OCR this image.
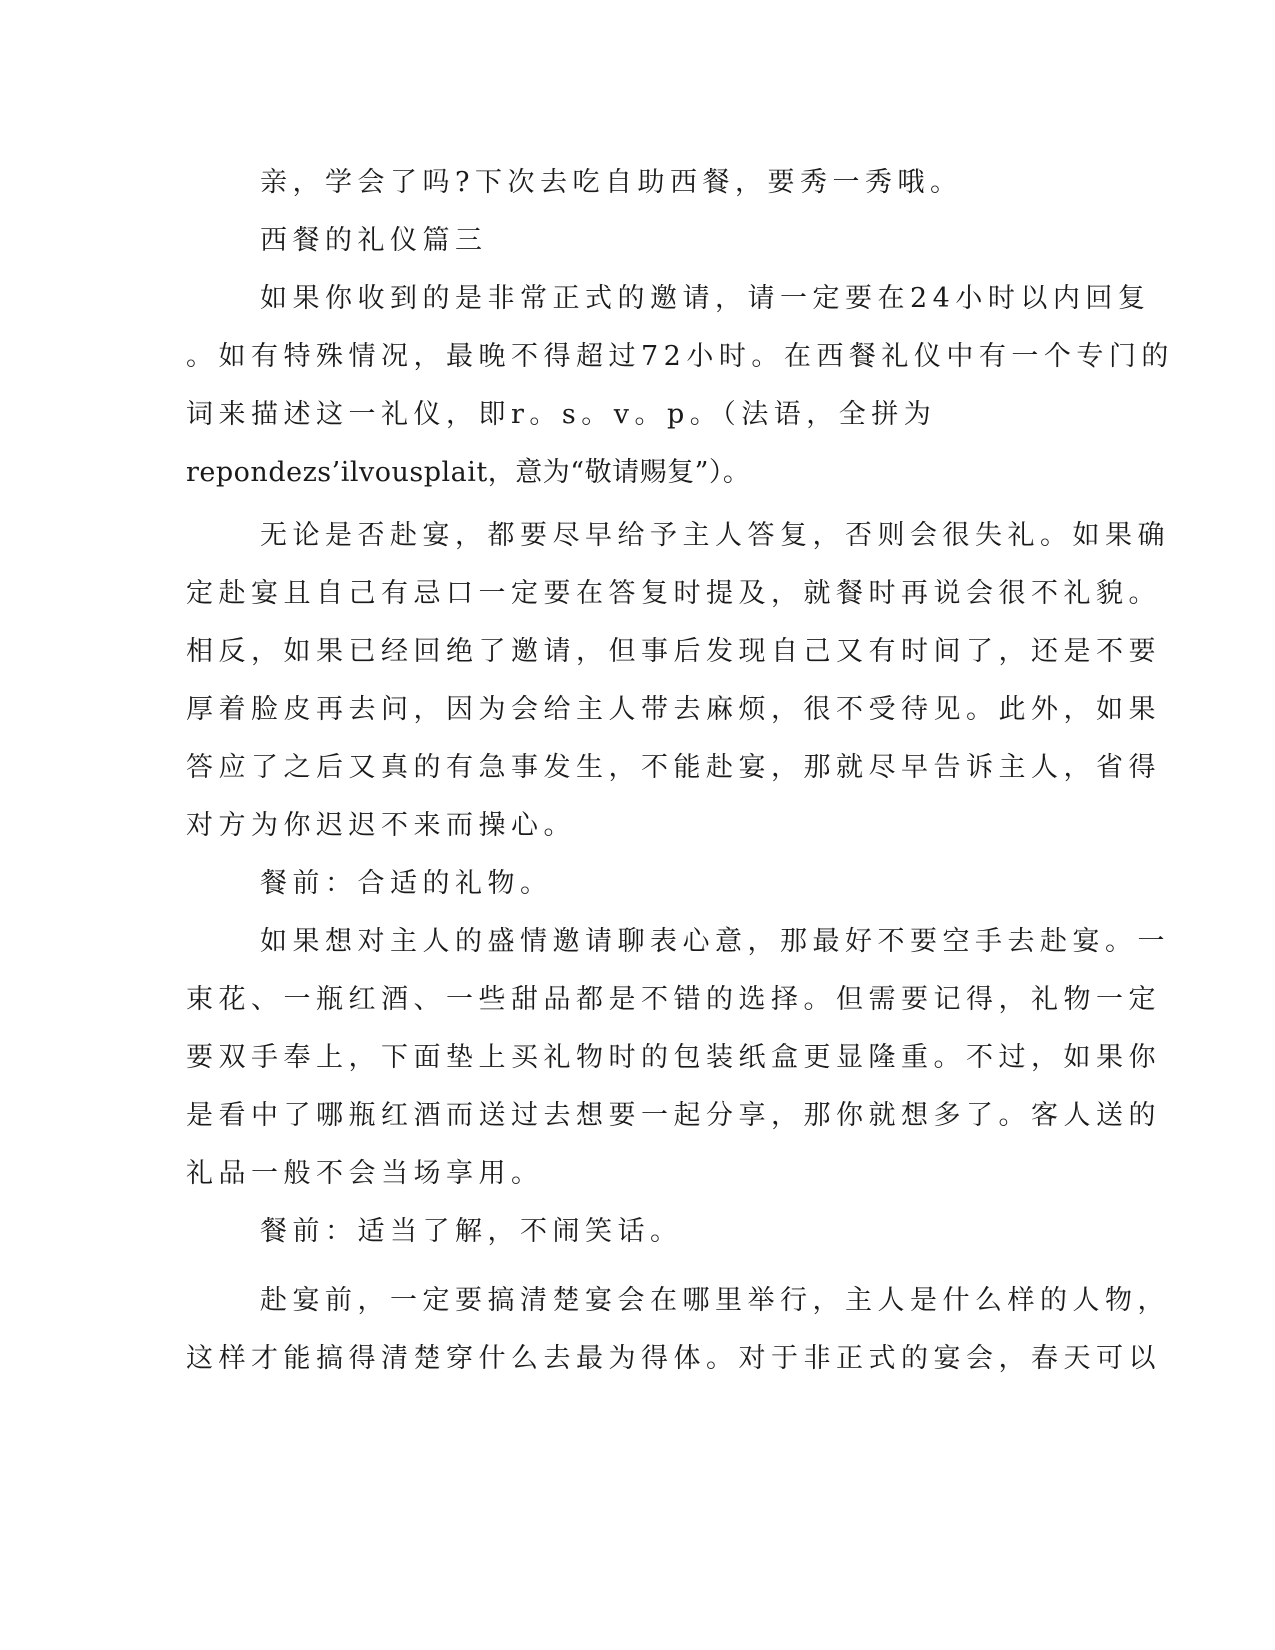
亲，学会了吗?下次去吃自助西餐，要秀一秀哦。

西餐的礼仪篇三

如果你收到的是非常正式的邀请，请一定要在24小时以内回复

。如有特殊情况，最晚不得超过72小时。在西餐礼仪中有一个专门的

词来描述这一礼仪，即r。s。v。p。（法语，全拼为

repondezs’ilvousplait，意为“敬请赐复”）。

无论是否赴宴，都要尽早给予主人答复，否则会很失礼。如果确

定赴宴且自己有忌口一定要在答复时提及，就餐时再说会很不礼貌。

相反，如果已经回绝了邀请，但事后发现自己又有时间了，还是不要

厚着脸皮再去问，因为会给主人带去麻烦，很不受待见。此外，如果

答应了之后又真的有急事发生，不能赴宴，那就尽早告诉主人，省得

对方为你迟迟不来而操心。

餐前：合适的礼物。

如果想对主人的盛情邀请聊表心意，那最好不要空手去赴宴。一

束花、一瓶红酒、一些甜品都是不错的选择。但需要记得，礼物一定

要双手奉上，下面垫上买礼物时的包装纸盒更显隆重。不过，如果你

是看中了哪瓶红酒而送过去想要一起分享，那你就想多了。客人送的

礼品一般不会当场享用。

餐前：适当了解，不闹笑话。

赴宴前，一定要搞清楚宴会在哪里举行，主人是什么样的人物，

这样才能搞得清楚穿什么去最为得体。对于非正式的宴会，春天可以
